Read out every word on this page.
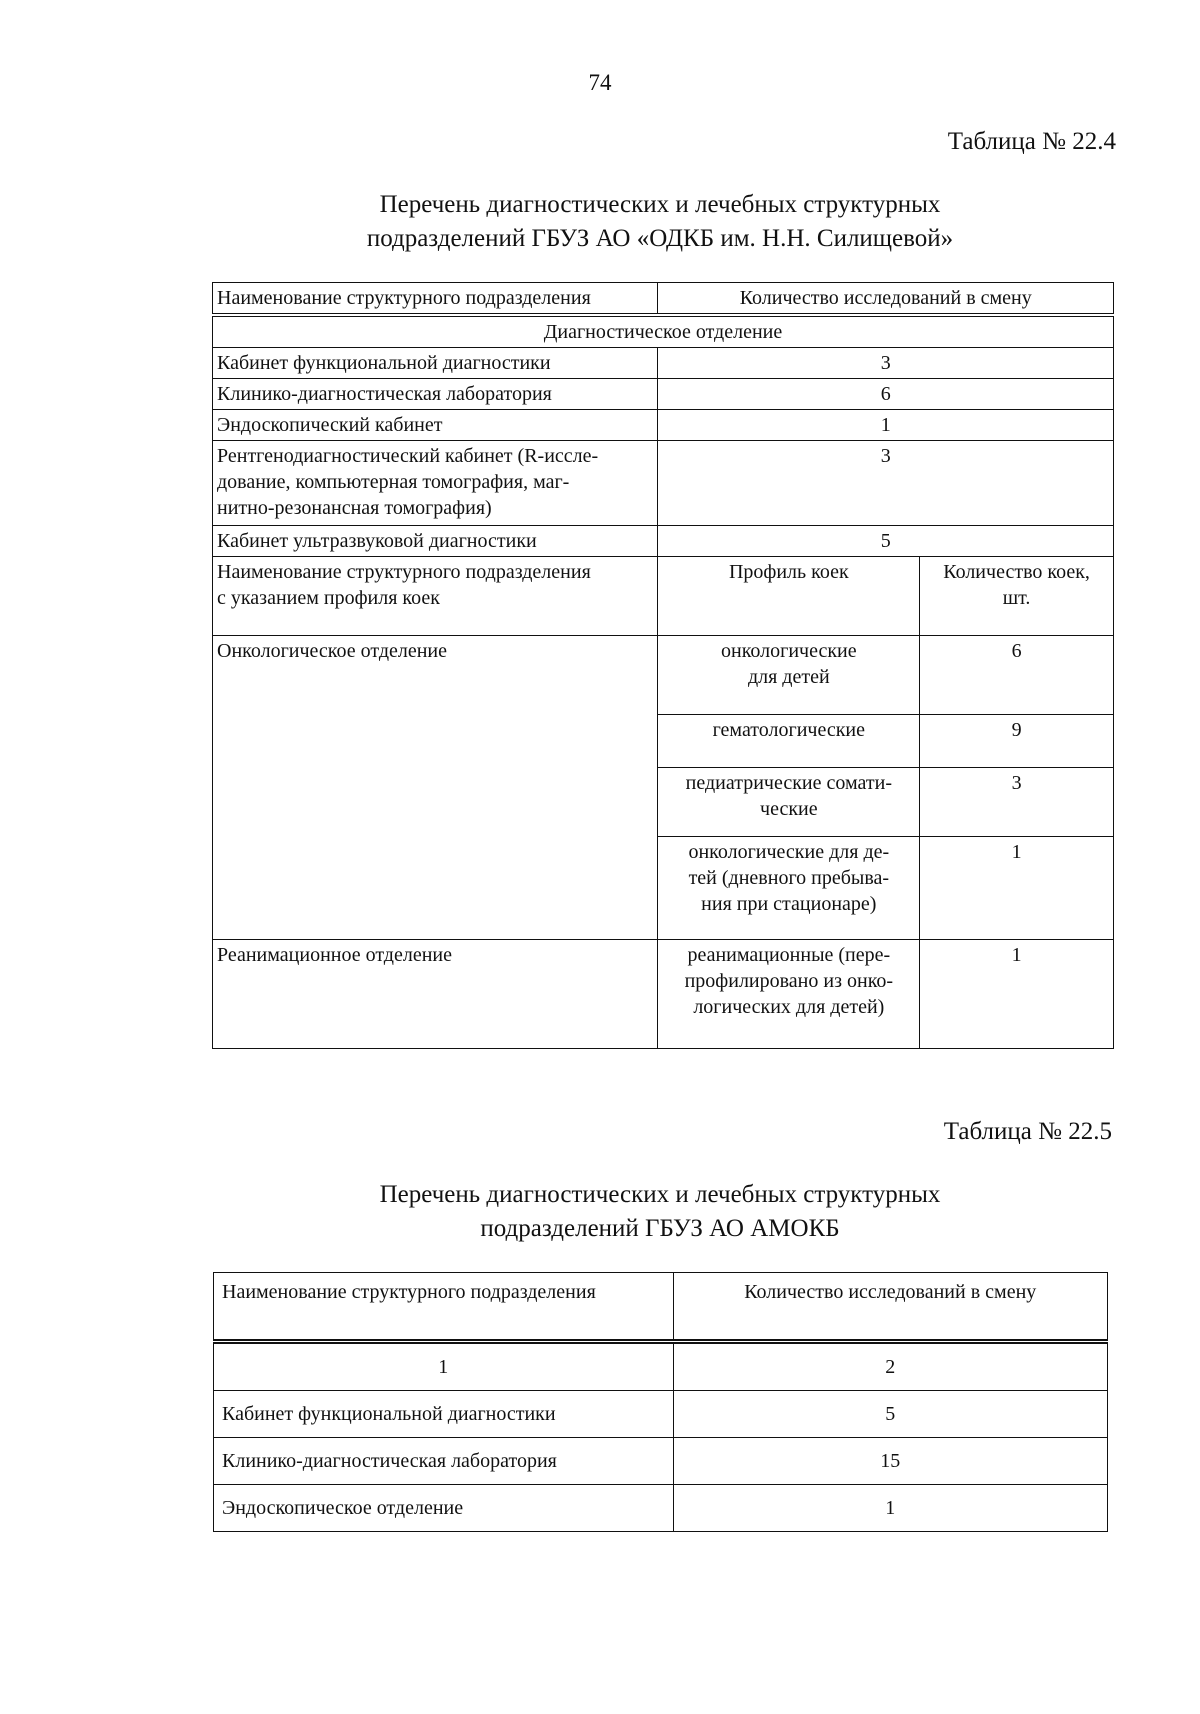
74
Таблица № 22.4
Перечень диагностических и лечебных структурных
подразделений ГБУЗ АО «ОДКБ им. Н.Н. Силищевой»
Наименование структурного подразделения	Количество исследований в смену	
Диагностическое отделение		
Кабинет функциональной диагностики	3	
Клинико-диагностическая лаборатория	6	
Эндоскопический кабинет	1	
Рентгенодиагностический кабинет (R-иссле-
дование, компьютерная томография, маг-
нитно-резонансная томография)	3	
Кабинет ультразвуковой диагностики	5	
Наименование структурного подразделения
с указанием профиля коек	Профиль коек	Количество коек,
шт.
Онкологическое отделение	онкологические
для детей	6
	гематологические	9
	педиатрические сомати-
ческие	3
	онкологические для де-
тей (дневного пребыва-
ния при стационаре)	1
Реанимационное отделение	реанимационные (пере-
профилировано из онко-
логических для детей)	1
Таблица № 22.5
Перечень диагностических и лечебных структурных
подразделений ГБУЗ АО АМОКБ
Наименование структурного подразделения	Количество исследований в смену
1	2
Кабинет функциональной диагностики	5
Клинико-диагностическая лаборатория	15
Эндоскопическое отделение	1
